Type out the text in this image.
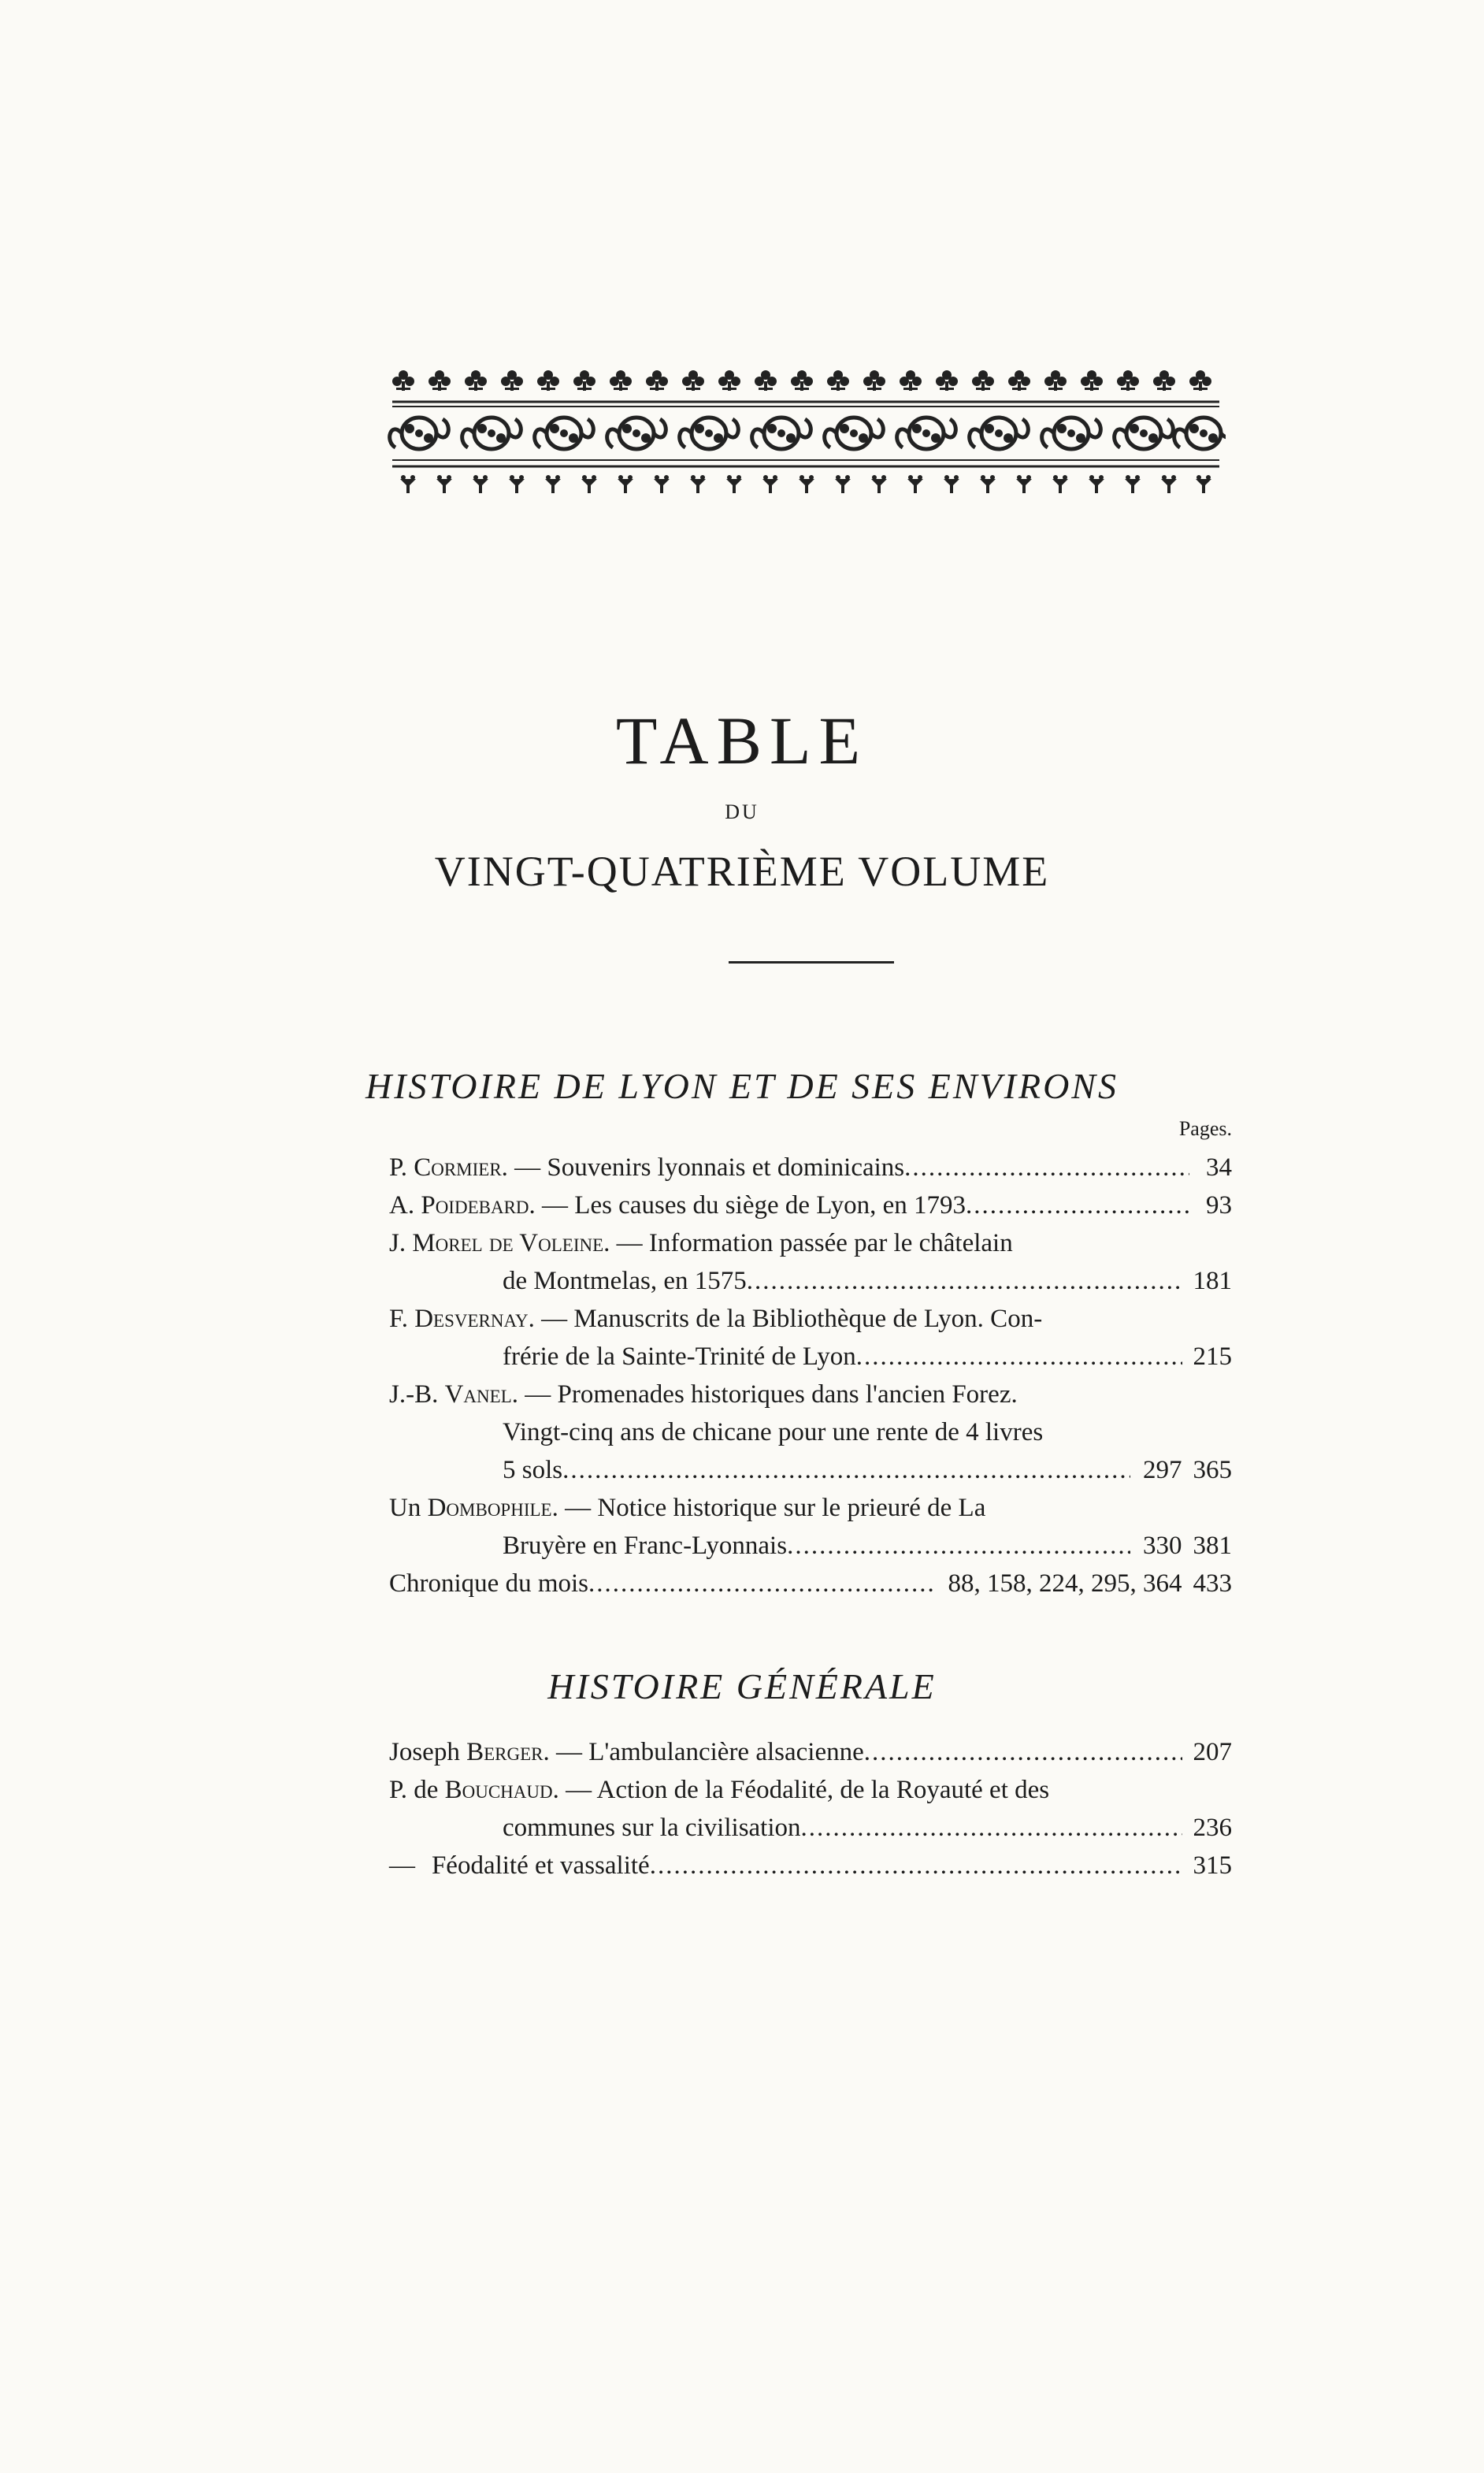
TABLE
DU
VINGT-QUATRIÈME VOLUME
HISTOIRE DE LYON ET DE SES ENVIRONS
Pages.
P. Cormier. — Souvenirs lyonnais et dominicains .....	34
A. Poidebard. — Les causes du siège de Lyon, en 1793 .....	93
J. Morel de Voleine. — Information passée par le châtelain
de Montmelas, en 1575 .....	181
F. Desvernay. — Manuscrits de la Bibliothèque de Lyon. Con-
frérie de la Sainte-Trinité de Lyon .....	215
J.-B. Vanel. — Promenades historiques dans l'ancien Forez.
Vingt-cinq ans de chicane pour une rente de 4 livres
5 sols .....	297 365
Un Dombophile. — Notice historique sur le prieuré de La
Bruyère en Franc-Lyonnais .....	330 381
Chronique du mois .....	88, 158, 224, 295, 364 433
HISTOIRE GÉNÉRALE
Joseph Berger. — L'ambulancière alsacienne .....	207
P. de Bouchaud. — Action de la Féodalité, de la Royauté et des
communes sur la civilisation .....	236
— Féodalité et vassalité .....	315
